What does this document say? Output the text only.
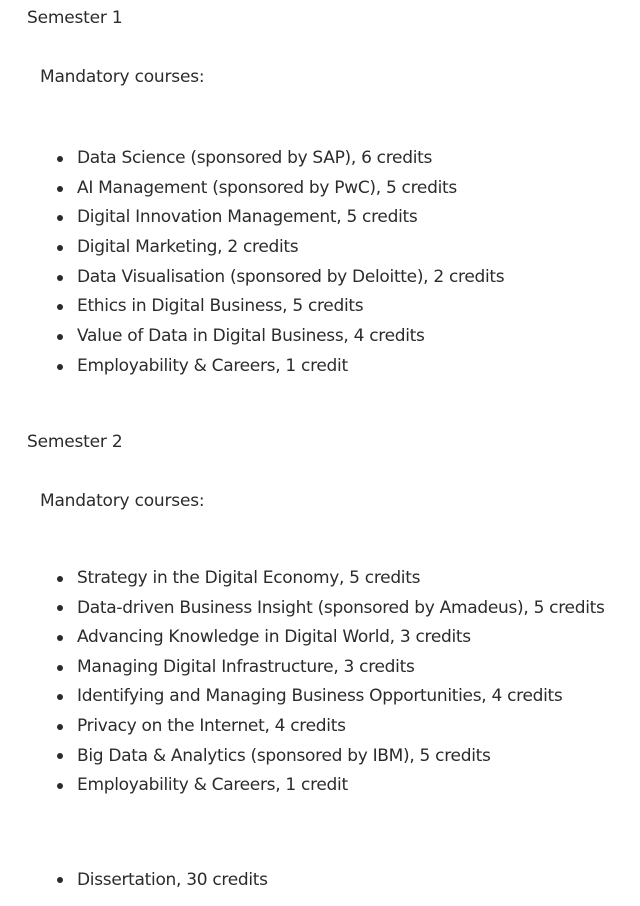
Semester 1

Mandatory courses:

Data Science (sponsored by SAP), 6 credits
AI Management (sponsored by PwC), 5 credits
Digital Innovation Management, 5 credits
Digital Marketing, 2 credits
Data Visualisation (sponsored by Deloitte), 2 credits
Ethics in Digital Business, 5 credits
Value of Data in Digital Business, 4 credits
Employability & Careers, 1 credit
Semester 2

Mandatory courses:

Strategy in the Digital Economy, 5 credits
Data-driven Business Insight (sponsored by Amadeus), 5 credits
Advancing Knowledge in Digital World, 3 credits
Managing Digital Infrastructure, 3 credits
Identifying and Managing Business Opportunities, 4 credits
Privacy on the Internet, 4 credits
Big Data & Analytics (sponsored by IBM), 5 credits
Employability & Careers, 1 credit
Dissertation, 30 credits
